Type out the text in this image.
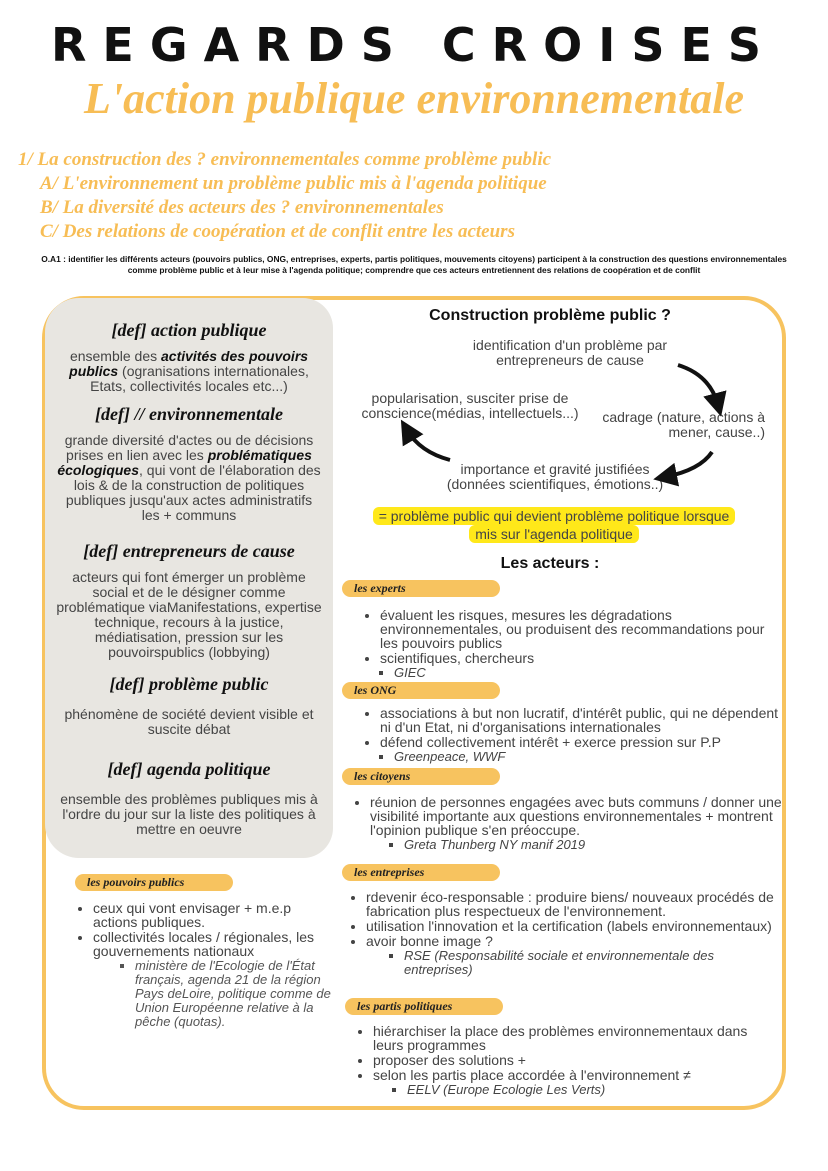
REGARDS CROISES
L'action publique environnementale
1/ La construction des ? environnementales comme problème public
A/ L'environnement un problème public mis à l'agenda politique
B/ La diversité des acteurs des ? environnementales
C/ Des relations de coopération et de conflit entre les acteurs
O.A1 : identifier les différents acteurs (pouvoirs publics, ONG, entreprises, experts, partis politiques, mouvements citoyens) participent à la construction des questions environnementales
comme problème public et à leur mise à l'agenda politique; comprendre que ces acteurs entretiennent des relations de coopération et de conflit
[def] action publique
ensemble des activités des pouvoirs publics (ogranisations internationales, Etats, collectivités locales etc...)
[def] // environnementale
grande diversité d'actes ou de décisions prises en lien avec les problématiques écologiques, qui vont de l'élaboration des lois & de la construction de politiques publiques jusqu'aux actes administratifs les + communs
[def] entrepreneurs de cause
acteurs qui font émerger un problème social et de le désigner comme problématique viaManifestations, expertise technique, recours à la justice, médiatisation, pression sur les pouvoirspublics (lobbying)
[def] problème public
phénomène de société devient visible et suscite débat
[def] agenda politique
ensemble des problèmes publiques mis à l'ordre du jour sur la liste des politiques à mettre en oeuvre
Construction problème public ?
identification d'un problème par entrepreneurs de cause
cadrage (nature, actions à mener, cause..)
importance et gravité justifiées (données scientifiques, émotions..)
popularisation, susciter prise de conscience(médias, intellectuels...)
= problème public qui devient problème politique lorsque mis sur l'agenda politique
Les acteurs :
les experts
• évaluent les risques, mesures les dégradations environnementales, ou produisent des recommandations pour les pouvoirs publics
• scientifiques, chercheurs
▪ GIEC
les ONG
• associations à but non lucratif, d'intérêt public, qui ne dépendent ni d'un Etat, ni d'organisations internationales
• défend collectivement intérêt + exerce pression sur P.P
▪ Greenpeace, WWF
les citoyens
• réunion de personnes engagées avec buts communs / donner une visibilité importante aux questions environnementales + montrent l'opinion publique s'en préoccupe.
▪ Greta Thunberg NY manif 2019
les entreprises
• rdevenir éco-responsable : produire biens/ nouveaux procédés de fabrication plus respectueux de l'environnement.
• utilisation l'innovation et la certification (labels environnementaux)
• avoir bonne image ?
▪ RSE (Responsabilité sociale et environnementale des entreprises)
les partis politiques
• hiérarchiser la place des problèmes environnementaux dans leurs programmes
• proposer des solutions +
• selon les partis place accordée à l'environnement ≠
▪ EELV (Europe Ecologie Les Verts)
les pouvoirs publics
• ceux qui vont envisager + m.e.p actions publiques.
• collectivités locales / régionales, les gouvernements nationaux
▪ ministère de l'Ecologie de l'État français, agenda 21 de la région Pays deLoire, politique comme de Union Européenne relative à la pêche (quotas).
